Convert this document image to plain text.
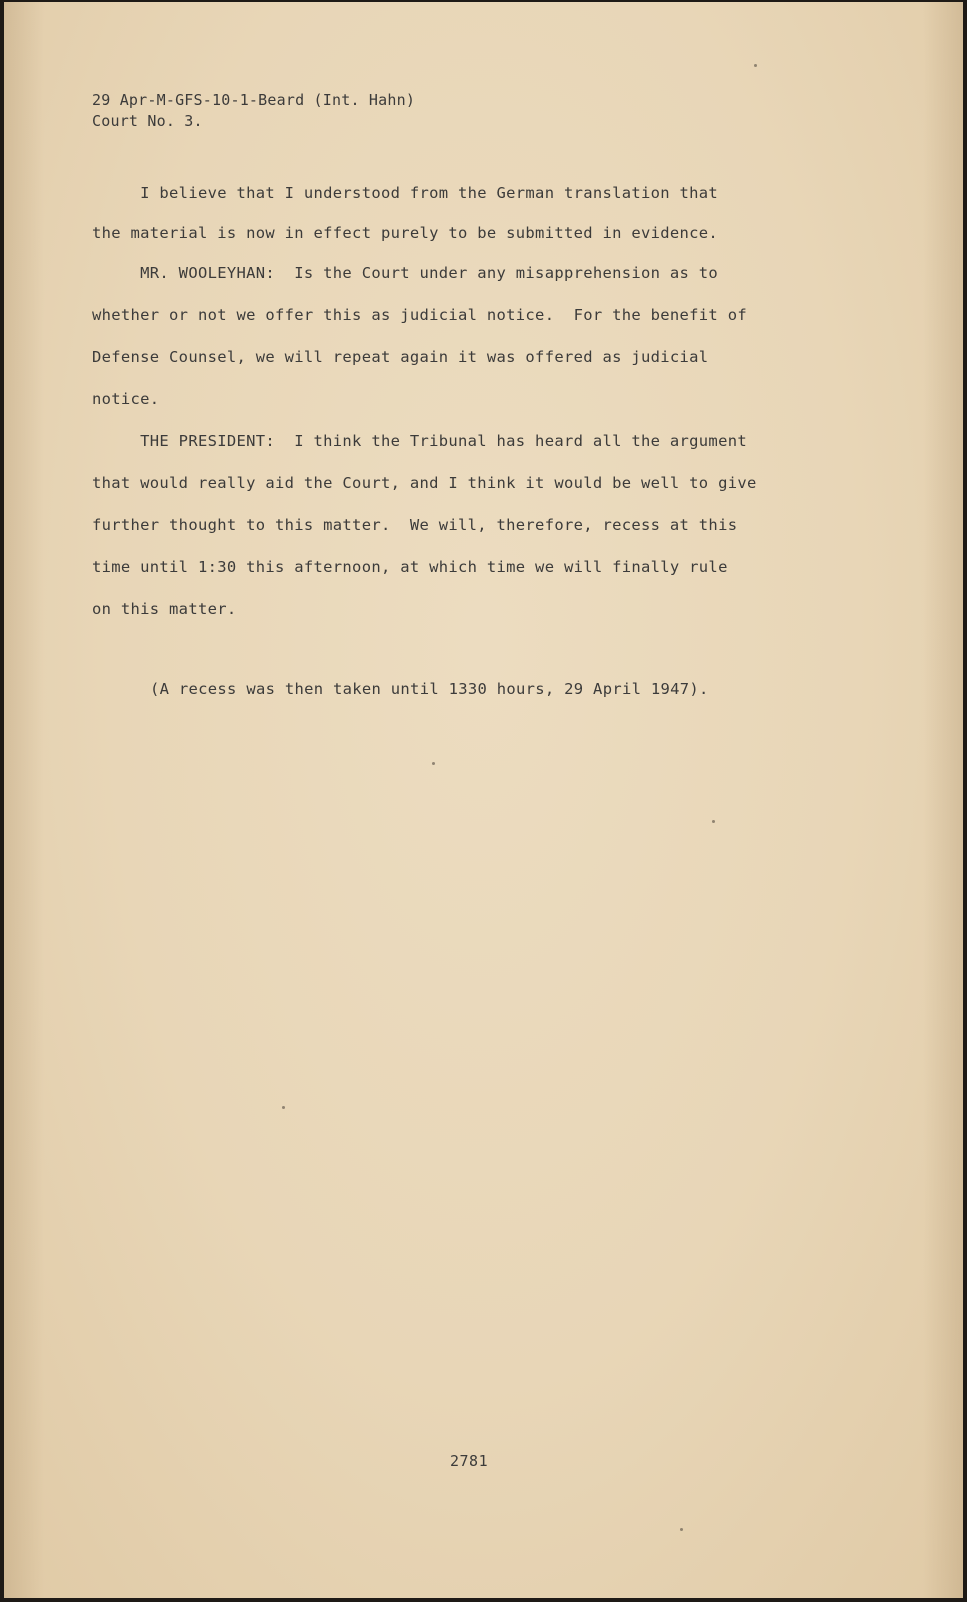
29 Apr-M-GFS-10-1-Beard (Int. Hahn)
Court No. 3.
I believe that I understood from the German translation that
the material is now in effect purely to be submitted in evidence.
MR. WOOLEYHAN:  Is the Court under any misapprehension as to
whether or not we offer this as judicial notice.  For the benefit of
Defense Counsel, we will repeat again it was offered as judicial
notice.
THE PRESIDENT:  I think the Tribunal has heard all the argument
that would really aid the Court, and I think it would be well to give
further thought to this matter.  We will, therefore, recess at this
time until 1:30 this afternoon, at which time we will finally rule
on this matter.
(A recess was then taken until 1330 hours, 29 April 1947).
2781
